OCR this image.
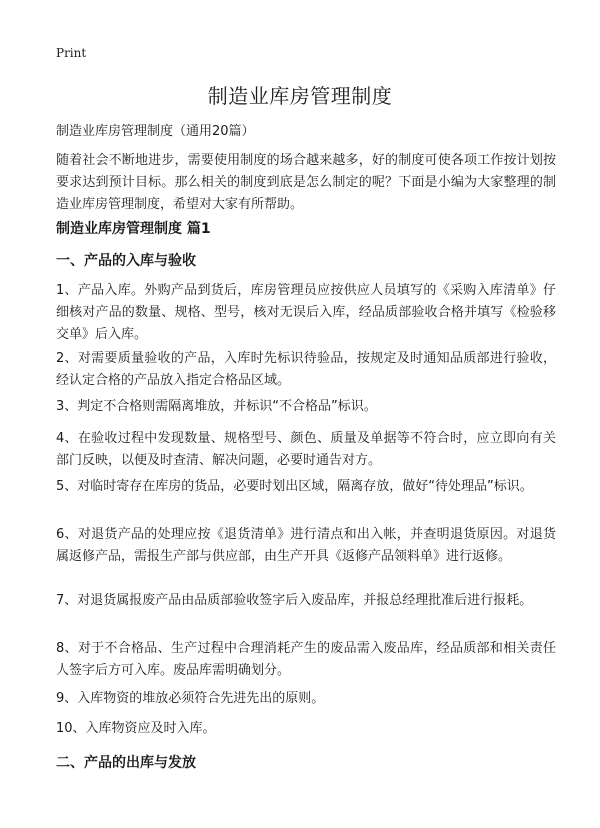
Print
制造业库房管理制度

制造业库房管理制度（通用20篇）

随着社会不断地进步，需要使用制度的场合越来越多，好的制度可使各项工作按计划按要求达到预计目标。那么相关的制度到底是怎么制定的呢？下面是小编为大家整理的制造业库房管理制度，希望对大家有所帮助。

制造业库房管理制度 篇1
一、产品的入库与验收

1、产品入库。外购产品到货后，库房管理员应按供应人员填写的《采购入库清单》仔细核对产品的数量、规格、型号，核对无误后入库，经品质部验收合格并填写《检验移交单》后入库。

2、对需要质量验收的产品，入库时先标识待验品，按规定及时通知品质部进行验收，经认定合格的产品放入指定合格品区域。

3、判定不合格则需隔离堆放，并标识“不合格品”标识。

4、在验收过程中发现数量、规格型号、颜色、质量及单据等不符合时，应立即向有关部门反映，以便及时查清、解决问题，必要时通告对方。

5、对临时寄存在库房的货品，必要时划出区域，隔离存放，做好“待处理品”标识。

6、对退货产品的处理应按《退货清单》进行清点和出入帐，并查明退货原因。对退货属返修产品，需报生产部与供应部，由生产开具《返修产品领料单》进行返修。

7、对退货属报废产品由品质部验收签字后入废品库，并报总经理批准后进行报耗。

8、对于不合格品、生产过程中合理消耗产生的废品需入废品库，经品质部和相关责任人签字后方可入库。废品库需明确划分。

9、入库物资的堆放必须符合先进先出的原则。

10、入库物资应及时入库。

二、产品的出库与发放
